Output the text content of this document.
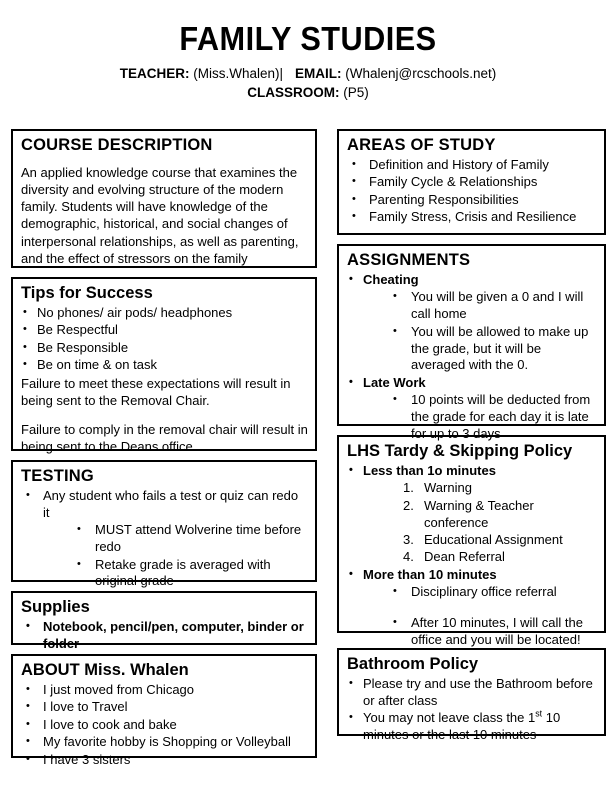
FAMILY STUDIES
TEACHER: (Miss.Whalen)| EMAIL: (Whalenj@rcschools.net)
CLASSROOM: (P5)
COURSE DESCRIPTION

An applied knowledge course that examines the diversity and evolving structure of the modern family. Students will have knowledge of the demographic, historical, and social changes of interpersonal relationships, as well as parenting, and the effect of stressors on the family

Tips for Success
• No phones/ air pods/ headphones
• Be Respectful
• Be Responsible
• Be on time & on task

Failure to meet these expectations will result in being sent to the Removal Chair.

Failure to comply in the removal chair will result in being sent to the Deans office.

TESTING
• Any student who fails a test or quiz can redo it
• MUST attend Wolverine time before redo
• Retake grade is averaged with original grade
Supplies
• Notebook, pencil/pen, computer, binder or folder
ABOUT Miss. Whalen
• I just moved from Chicago
• I love to Travel
• I love to cook and bake
• My favorite hobby is Shopping or Volleyball
• I have 3 sisters
AREAS OF STUDY
• Definition and History of Family
• Family Cycle & Relationships
• Parenting Responsibilities
• Family Stress, Crisis and Resilience
ASSIGNMENTS
• Cheating
• You will be given a 0 and I will call home
• You will be allowed to make up the grade, but it will be averaged with the 0.
• Late Work
• 10 points will be deducted from the grade for each day it is late for up to 3 days
LHS Tardy & Skipping Policy
• Less than 1o minutes
Warning
Warning & Teacher conference
Educational Assignment
Dean Referral
• More than 10 minutes
• Disciplinary office referral
• After 10 minutes, I will call the office and you will be located!
Bathroom Policy
• Please try and use the Bathroom before or after class
• You may not leave class the 1st 10 minutes or the last 10 minutes
